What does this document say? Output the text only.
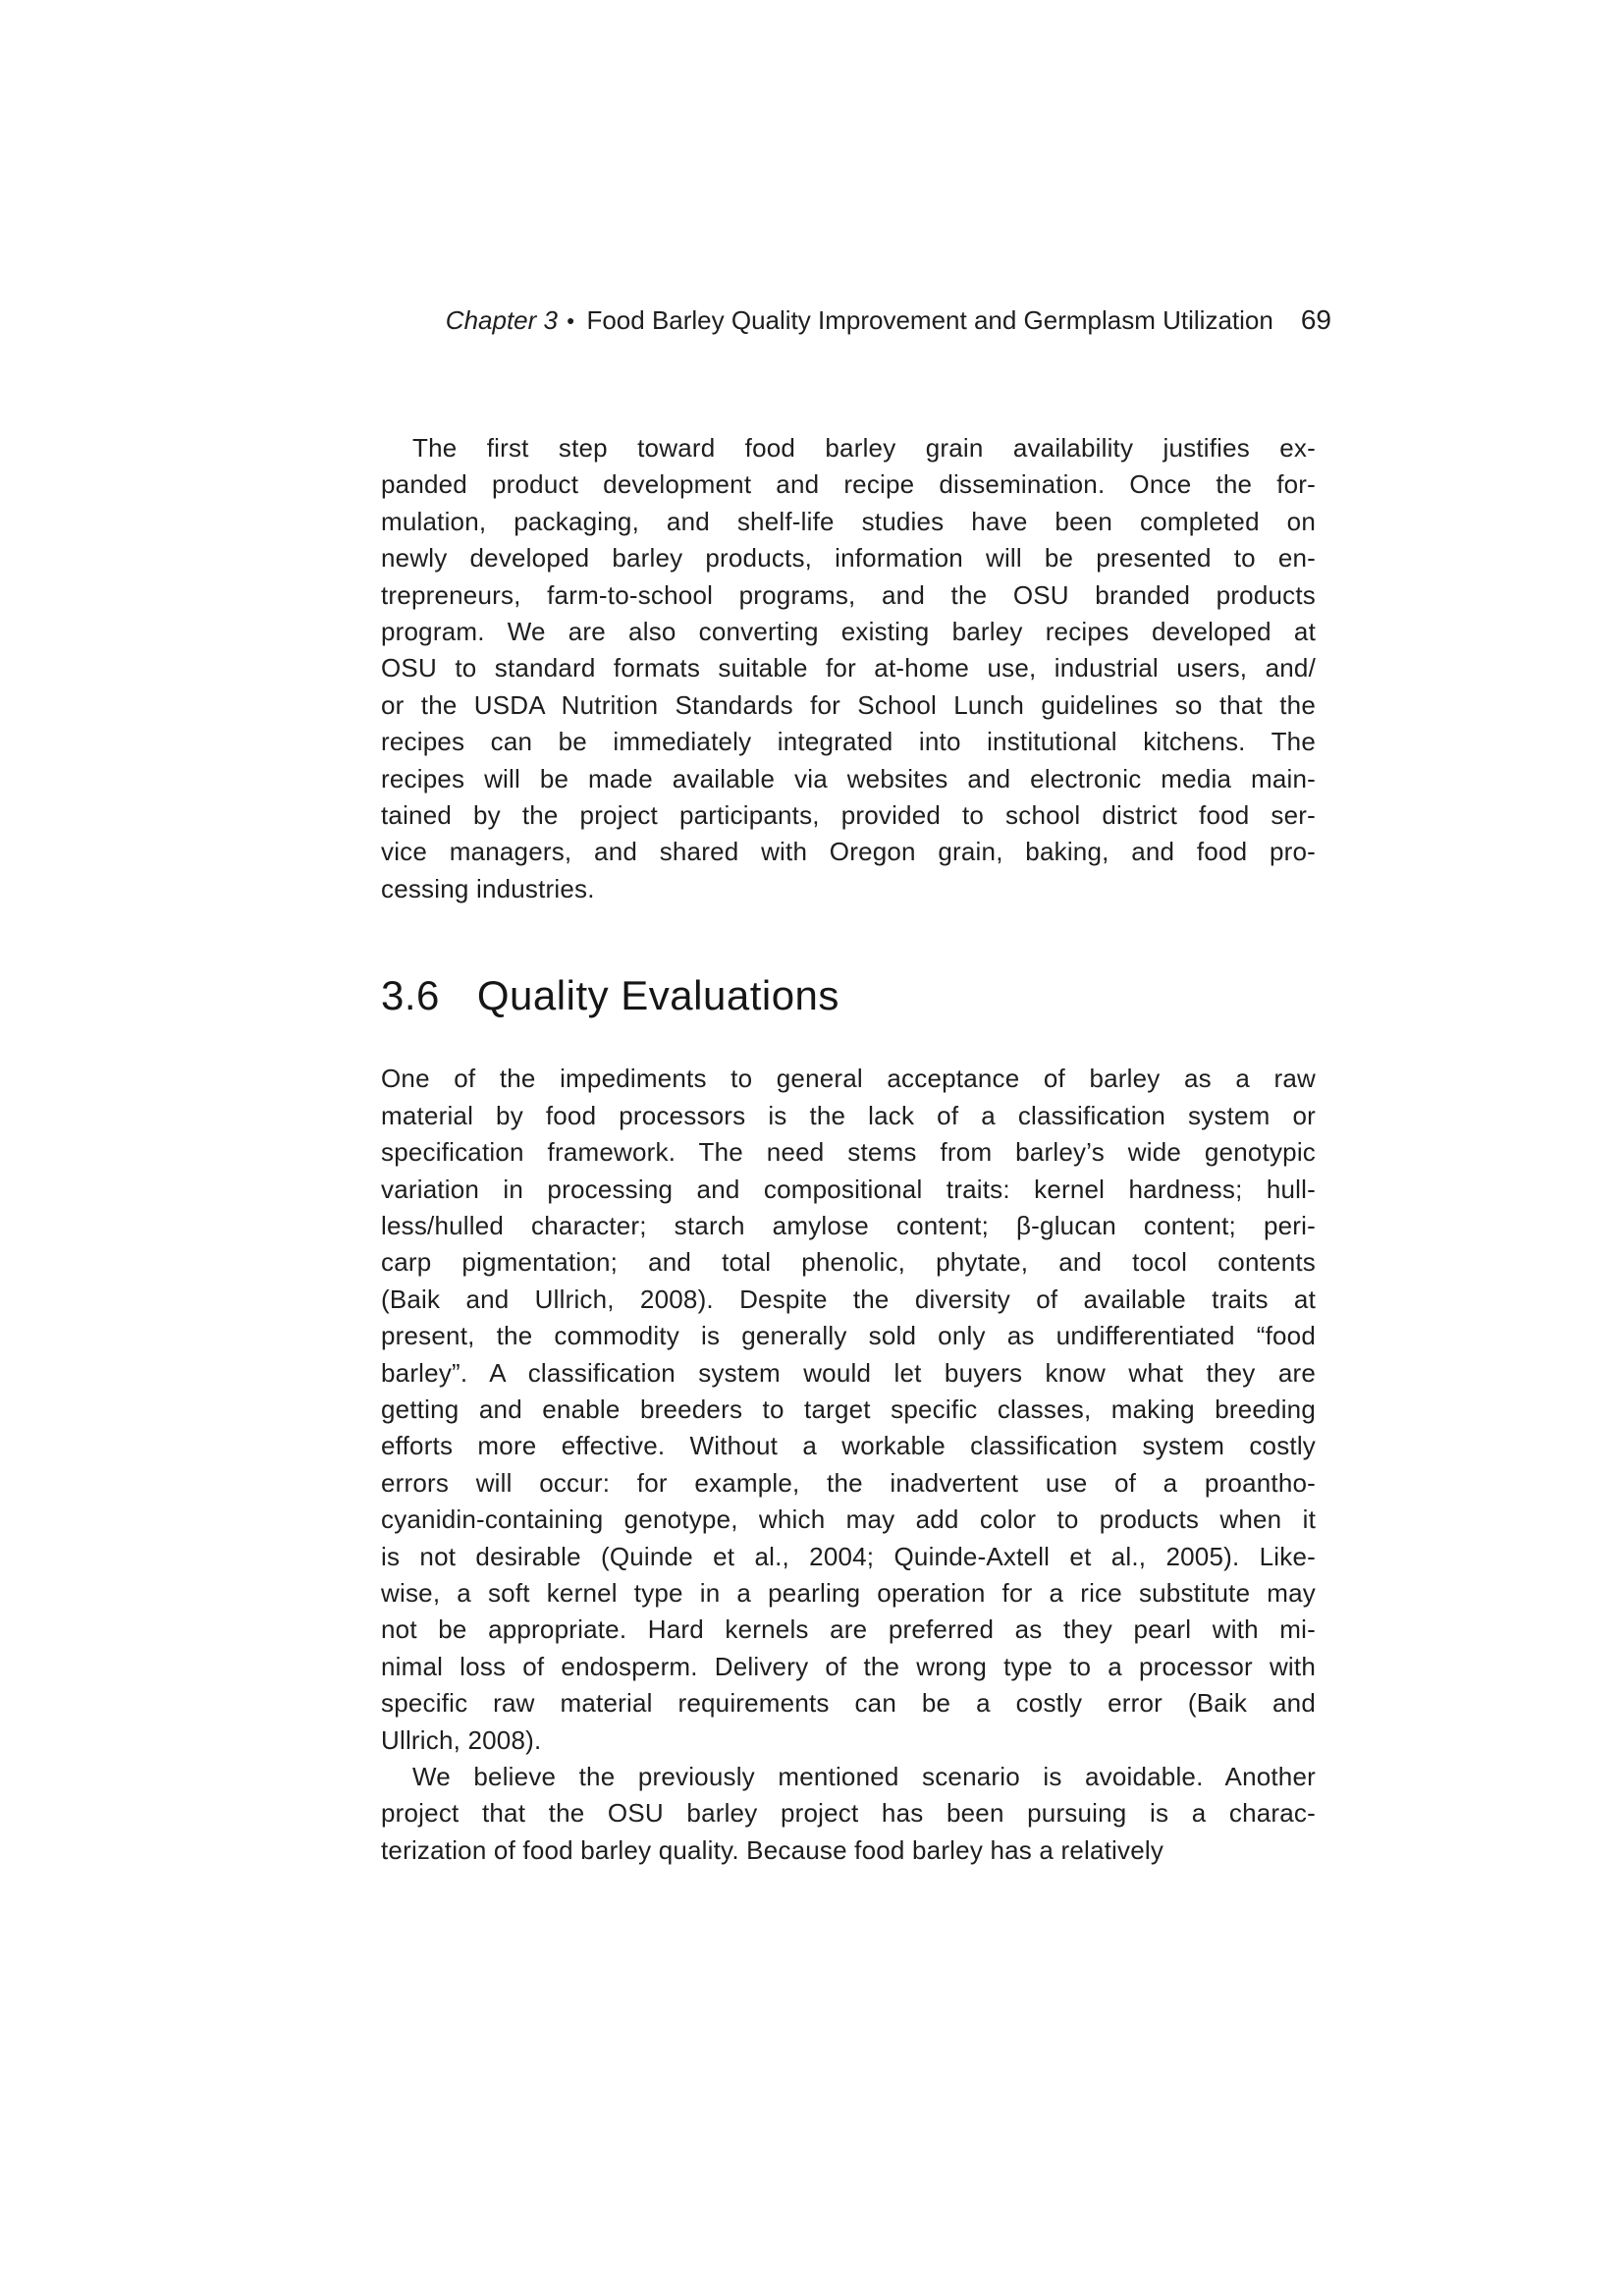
Chapter 3 ● Food Barley Quality Improvement and Germplasm Utilization 69
The first step toward food barley grain availability justifies ex-
panded product development and recipe dissemination. Once the for-
mulation, packaging, and shelf-life studies have been completed on
newly developed barley products, information will be presented to en-
trepreneurs, farm-to-school programs, and the OSU branded products
program. We are also converting existing barley recipes developed at
OSU to standard formats suitable for at-home use, industrial users, and/
or the USDA Nutrition Standards for School Lunch guidelines so that the
recipes can be immediately integrated into institutional kitchens. The
recipes will be made available via websites and electronic media main-
tained by the project participants, provided to school district food ser-
vice managers, and shared with Oregon grain, baking, and food pro-
cessing industries.
3.6 Quality Evaluations
One of the impediments to general acceptance of barley as a raw
material by food processors is the lack of a classification system or
specification framework. The need stems from barley’s wide genotypic
variation in processing and compositional traits: kernel hardness; hull-
less/hulled character; starch amylose content; β-glucan content; peri-
carp pigmentation; and total phenolic, phytate, and tocol contents
(Baik and Ullrich, 2008). Despite the diversity of available traits at
present, the commodity is generally sold only as undifferentiated “food
barley”. A classification system would let buyers know what they are
getting and enable breeders to target specific classes, making breeding
efforts more effective. Without a workable classification system costly
errors will occur: for example, the inadvertent use of a proantho-
cyanidin-containing genotype, which may add color to products when it
is not desirable (Quinde et al., 2004; Quinde-Axtell et al., 2005). Like-
wise, a soft kernel type in a pearling operation for a rice substitute may
not be appropriate. Hard kernels are preferred as they pearl with mi-
nimal loss of endosperm. Delivery of the wrong type to a processor with
specific raw material requirements can be a costly error (Baik and
Ullrich, 2008).
We believe the previously mentioned scenario is avoidable. Another
project that the OSU barley project has been pursuing is a charac-
terization of food barley quality. Because food barley has a relatively
